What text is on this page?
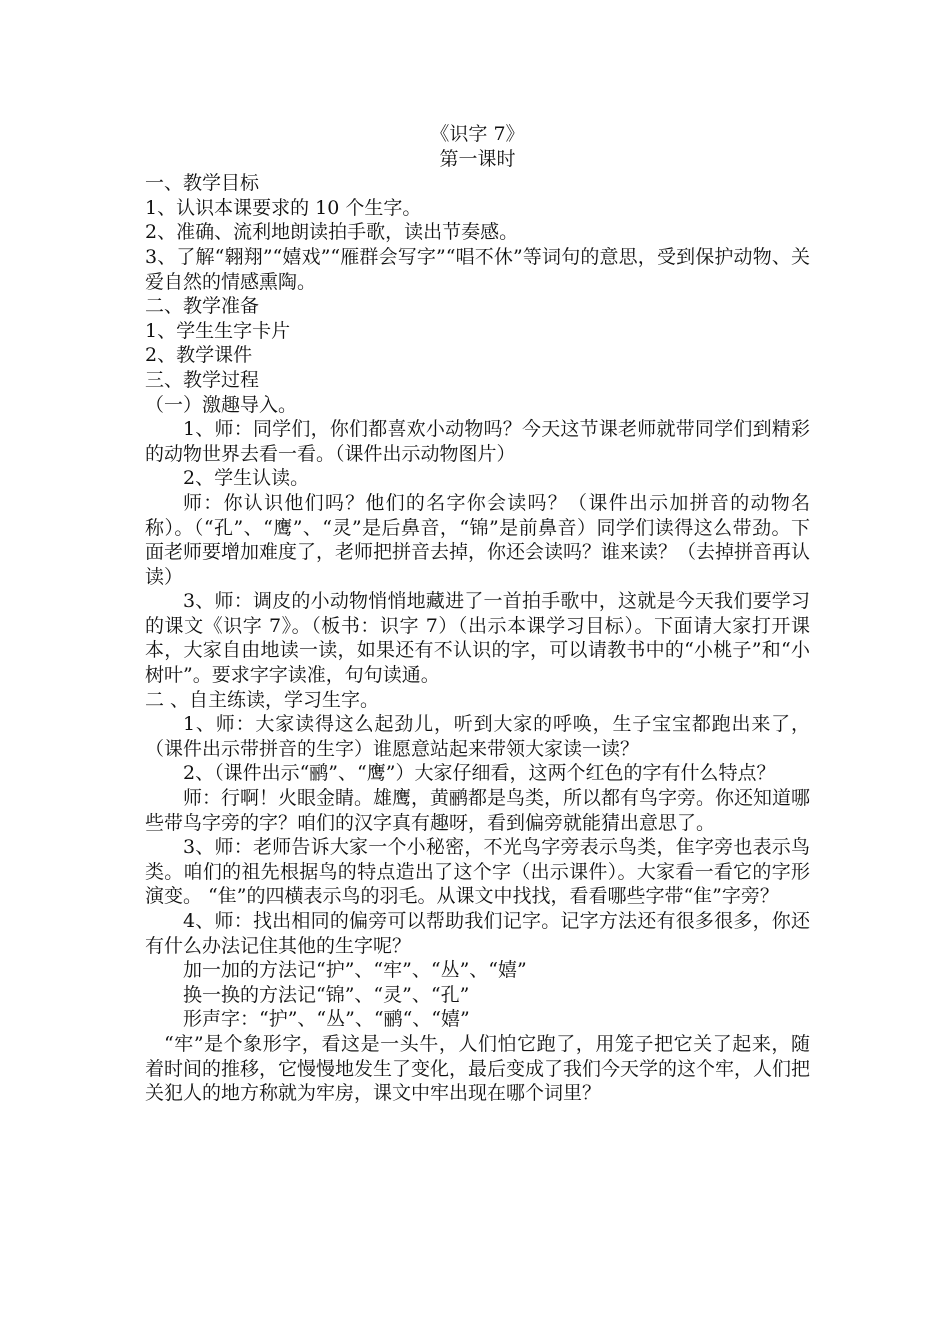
《识字 7》
第一课时

一、教学目标

1、认识本课要求的 10 个生字。

2、准确、流利地朗读拍手歌，读出节奏感。

3、了解“翱翔”“嬉戏”“雁群会写字”“唱不休”等词句的意思，受到保护动物、关爱自然的情感熏陶。

二、教学准备

1、学生生字卡片

2、教学课件

三、教学过程

（一）激趣导入。

1、师：同学们，你们都喜欢小动物吗？今天这节课老师就带同学们到精彩的动物世界去看一看。（课件出示动物图片）

2、学生认读。

师：你认识他们吗？他们的名字你会读吗？（课件出示加拼音的动物名称）。（“孔”、“鹰”、“灵”是后鼻音，“锦”是前鼻音）同学们读得这么带劲。下面老师要增加难度了，老师把拼音去掉，你还会读吗？谁来读？（去掉拼音再认读）

3、师：调皮的小动物悄悄地藏进了一首拍手歌中，这就是今天我们要学习的课文《识字 7》。（板书：识字 7）（出示本课学习目标）。下面请大家打开课本，大家自由地读一读，如果还有不认识的字，可以请教书中的“小桃子”和“小树叶”。要求字字读准，句句读通。

二 、自主练读，学习生字。

1、师：大家读得这么起劲儿，听到大家的呼唤，生子宝宝都跑出来了，（课件出示带拼音的生字）谁愿意站起来带领大家读一读？

2、（课件出示“鹂”、“鹰”）大家仔细看，这两个红色的字有什么特点？

师：行啊！火眼金睛。雄鹰，黄鹂都是鸟类，所以都有鸟字旁。你还知道哪些带鸟字旁的字？咱们的汉字真有趣呀，看到偏旁就能猜出意思了。

3、师：老师告诉大家一个小秘密，不光鸟字旁表示鸟类，隹字旁也表示鸟类。咱们的祖先根据鸟的特点造出了这个字（出示课件）。大家看一看它的字形演变。 “隹”的四横表示鸟的羽毛。从课文中找找，看看哪些字带“隹”字旁？

4、师：找出相同的偏旁可以帮助我们记字。记字方法还有很多很多，你还有什么办法记住其他的生字呢？

加一加的方法记“护”、“牢”、“丛”、“嬉”

换一换的方法记“锦”、“灵”、“孔”

形声字：“护”、“丛”、“鹂“、“嬉”

“牢”是个象形字，看这是一头牛，人们怕它跑了，用笼子把它关了起来，随着时间的推移，它慢慢地发生了变化，最后变成了我们今天学的这个牢，人们把关犯人的地方称就为牢房，课文中牢出现在哪个词里？
